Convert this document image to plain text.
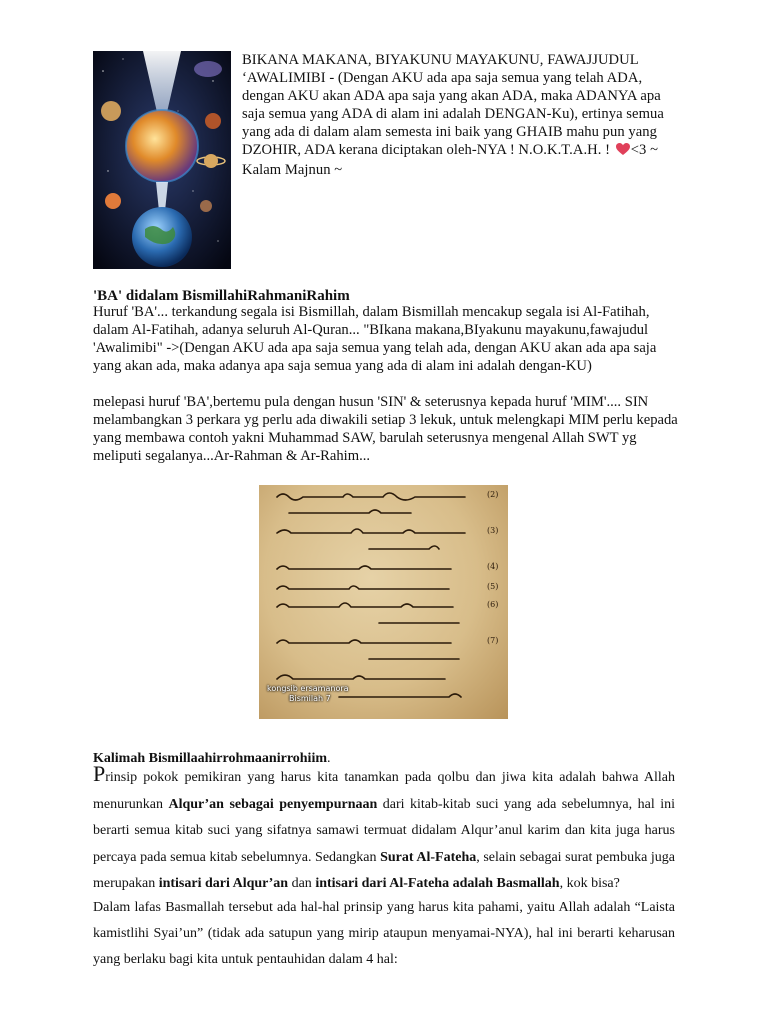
BIKANA MAKANA, BIYAKUNU MAYAKUNU, FAWAJJUDUL ‘AWALIMIBI - (Dengan AKU ada apa saja semua yang telah ADA, dengan AKU akan ADA apa saja yang akan ADA, maka ADANYA apa saja semua yang ADA di alam ini adalah DENGAN-Ku), ertinya semua yang ada di dalam alam semesta ini baik yang GHAIB mahu pun yang DZOHIR, ADA kerana diciptakan oleh-NYA ! N.O.K.T.A.H. ! <3 ~ Kalam Majnun ~

'BA' didalam BismillahiRahmaniRahim

Huruf 'BA'... terkandung segala isi Bismillah, dalam Bismillah mencakup segala isi Al-Fatihah, dalam Al-Fatihah, adanya seluruh Al-Quran... "BIkana makana,BIyakunu mayakunu,fawajudul 'Awalimibi" ->(Dengan AKU ada apa saja semua yang telah ada, dengan AKU akan ada apa saja yang akan ada, maka adanya apa saja semua yang ada di alam ini adalah dengan-KU)

melepasi huruf 'BA',bertemu pula dengan husun 'SIN' & seterusnya kepada huruf 'MIM'.... SIN melambangkan 3 perkara yg perlu ada diwakili setiap 3 lekuk, untuk melengkapi MIM perlu kepada yang membawa contoh yakni Muhammad SAW, barulah seterusnya mengenal Allah SWT yg meliputi segalanya...Ar-Rahman & Ar-Rahim...

(2)
(3)
(4)
(5)
(6)
(7)
kongsib ersamanora
Bismilah 7
Kalimah Bismillaahirrohmaanirrohiim.

Prinsip pokok pemikiran yang harus kita tanamkan pada qolbu dan jiwa kita adalah bahwa Allah menurunkan Alqur’an sebagai penyempurnaan dari kitab-kitab suci yang ada sebelumnya, hal ini berarti semua kitab suci yang sifatnya samawi termuat didalam Alqur’anul karim dan kita juga harus percaya pada semua kitab sebelumnya. Sedangkan Surat Al-Fateha, selain sebagai surat pembuka juga merupakan intisari dari Alqur’an dan intisari dari Al-Fateha adalah Basmallah, kok bisa?

Dalam lafas Basmallah tersebut ada hal-hal prinsip yang harus kita pahami, yaitu Allah adalah “Laista kamistlihi Syai’un” (tidak ada satupun yang mirip ataupun menyamai-NYA), hal ini berarti keharusan yang berlaku bagi kita untuk pentauhidan dalam 4 hal:
